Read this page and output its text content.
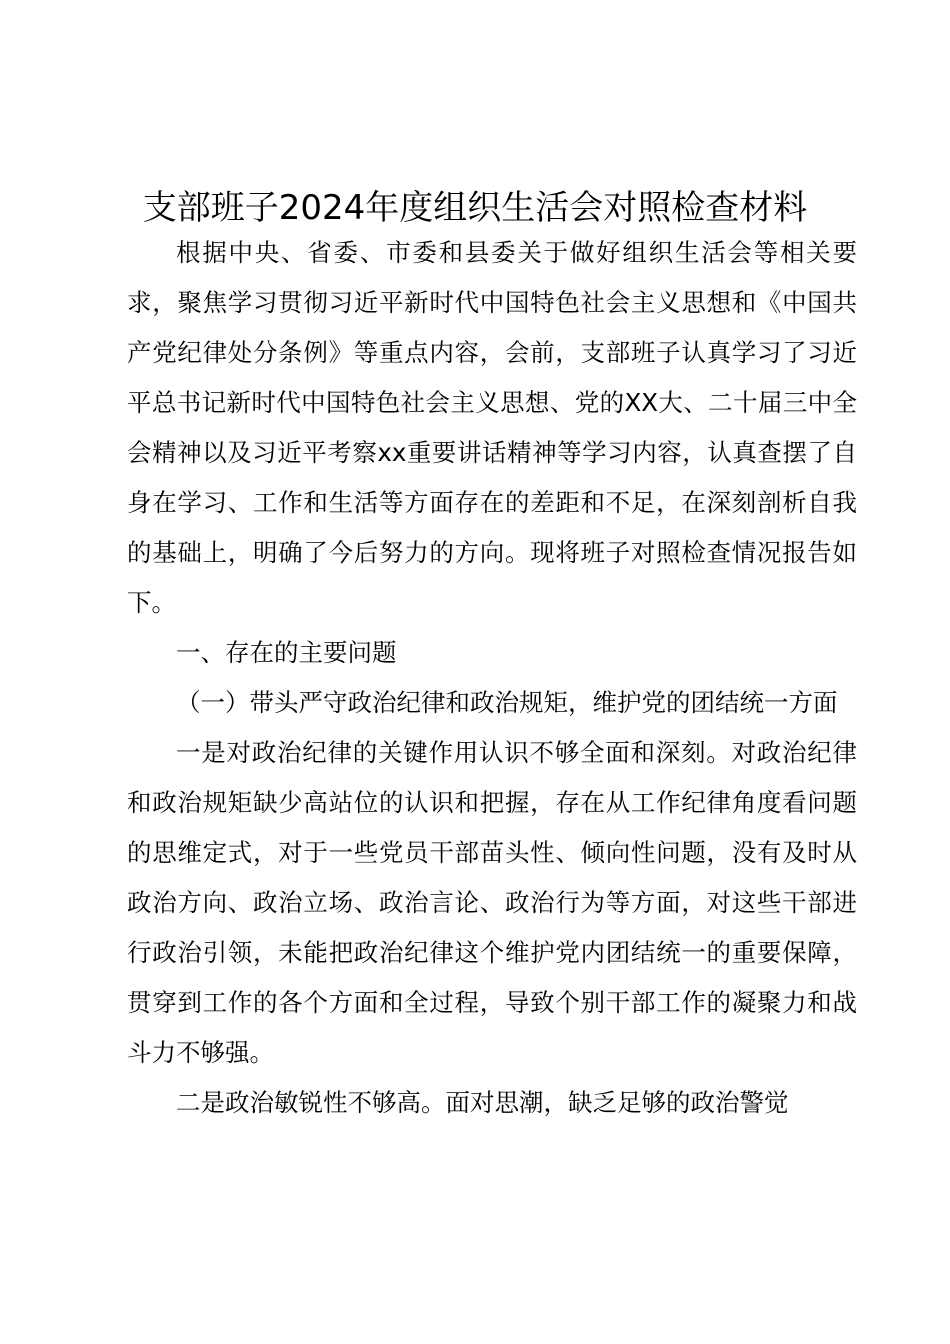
支部班子2024年度组织生活会对照检查材料

根据中央、省委、市委和县委关于做好组织生活会等相关要求，聚焦学习贯彻习近平新时代中国特色社会主义思想和《中国共产党纪律处分条例》等重点内容，会前，支部班子认真学习了习近平总书记新时代中国特色社会主义思想、党的XX大、二十届三中全会精神以及习近平考察xx重要讲话精神等学习内容，认真查摆了自身在学习、工作和生活等方面存在的差距和不足，在深刻剖析自我的基础上，明确了今后努力的方向。现将班子对照检查情况报告如下。

一、存在的主要问题

（一）带头严守政治纪律和政治规矩，维护党的团结统一方面

一是对政治纪律的关键作用认识不够全面和深刻。对政治纪律和政治规矩缺少高站位的认识和把握，存在从工作纪律角度看问题的思维定式，对于一些党员干部苗头性、倾向性问题，没有及时从政治方向、政治立场、政治言论、政治行为等方面，对这些干部进行政治引领，未能把政治纪律这个维护党内团结统一的重要保障，贯穿到工作的各个方面和全过程，导致个别干部工作的凝聚力和战斗力不够强。

二是政治敏锐性不够高。面对思潮，缺乏足够的政治警觉
